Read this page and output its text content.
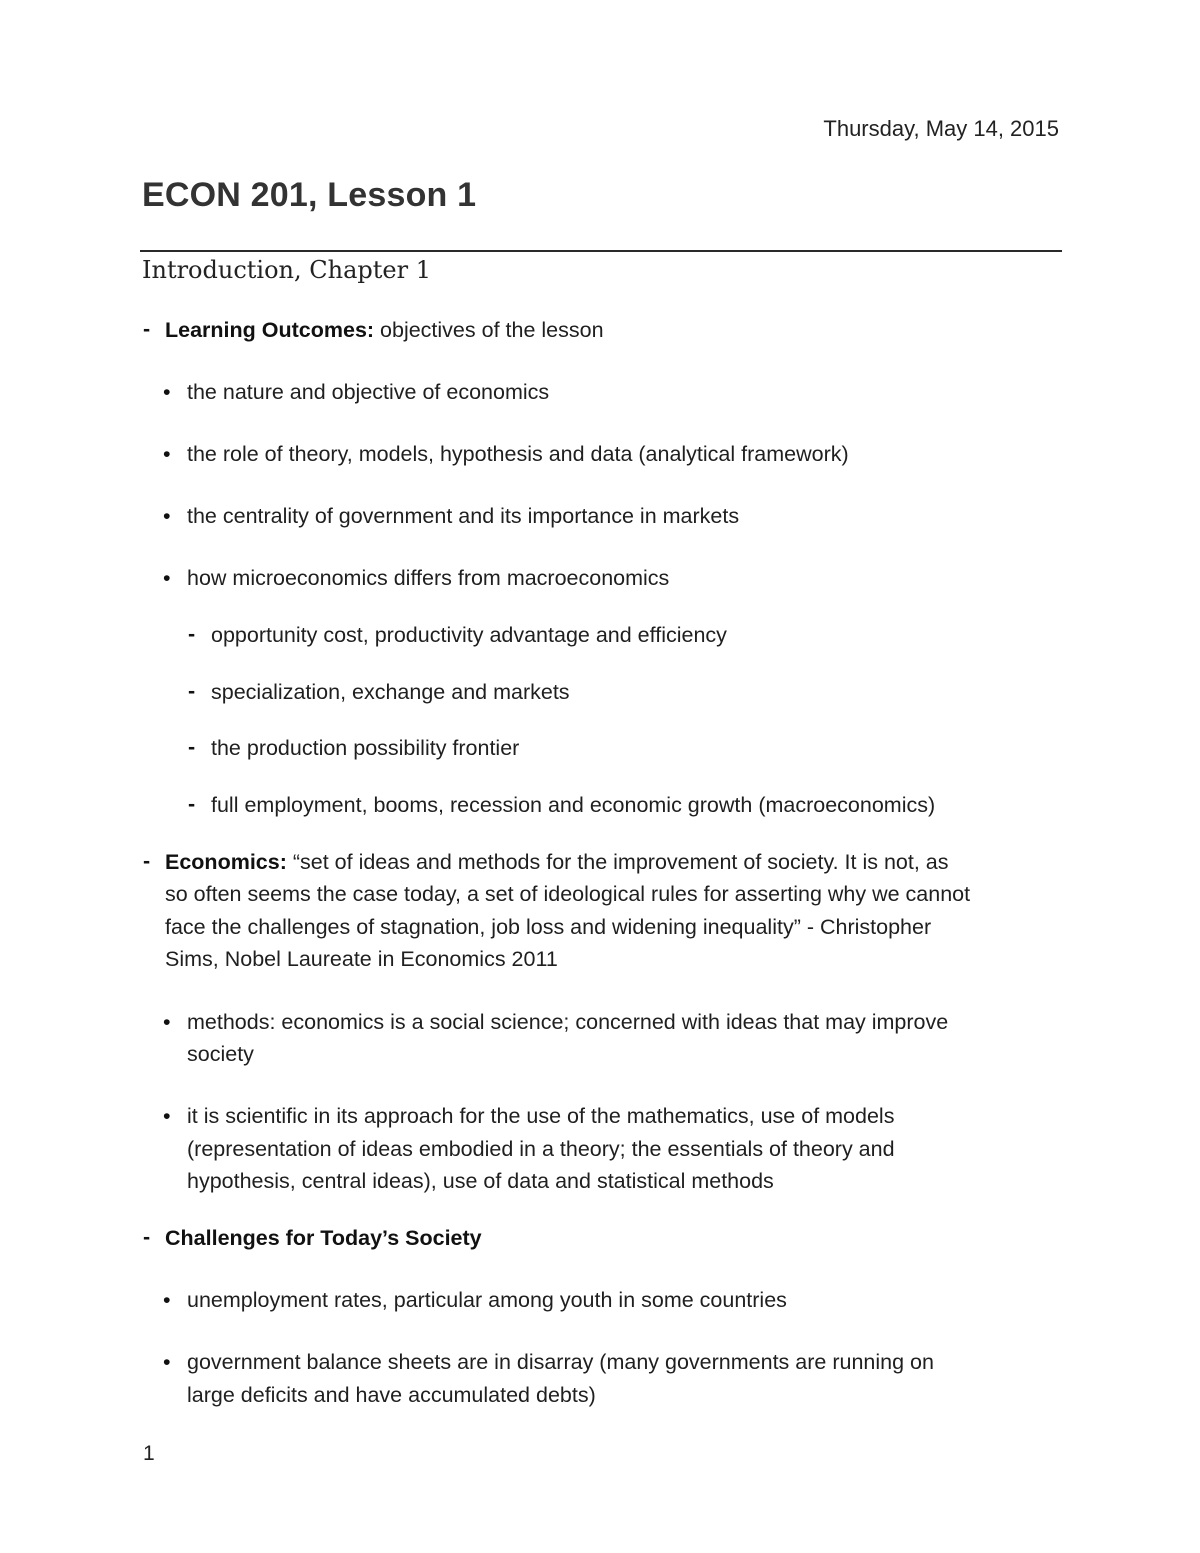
Thursday, May 14, 2015
ECON 201, Lesson 1
Introduction, Chapter 1
- Learning Outcomes: objectives of the lesson
• the nature and objective of economics
• the role of theory, models, hypothesis and data (analytical framework)
• the centrality of government and its importance in markets
• how microeconomics differs from macroeconomics
- opportunity cost, productivity advantage and efficiency
- specialization, exchange and markets
- the production possibility frontier
- full employment, booms, recession and economic growth (macroeconomics)
- Economics: “set of ideas and methods for the improvement of society. It is not, as
so often seems the case today, a set of ideological rules for asserting why we cannot
face the challenges of stagnation, job loss and widening inequality” - Christopher
Sims, Nobel Laureate in Economics 2011
• methods: economics is a social science; concerned with ideas that may improve
society
• it is scientific in its approach for the use of the mathematics, use of models
(representation of ideas embodied in a theory; the essentials of theory and
hypothesis, central ideas), use of data and statistical methods
- Challenges for Today’s Society
• unemployment rates, particular among youth in some countries
• government balance sheets are in disarray (many governments are running on
large deficits and have accumulated debts)
1
